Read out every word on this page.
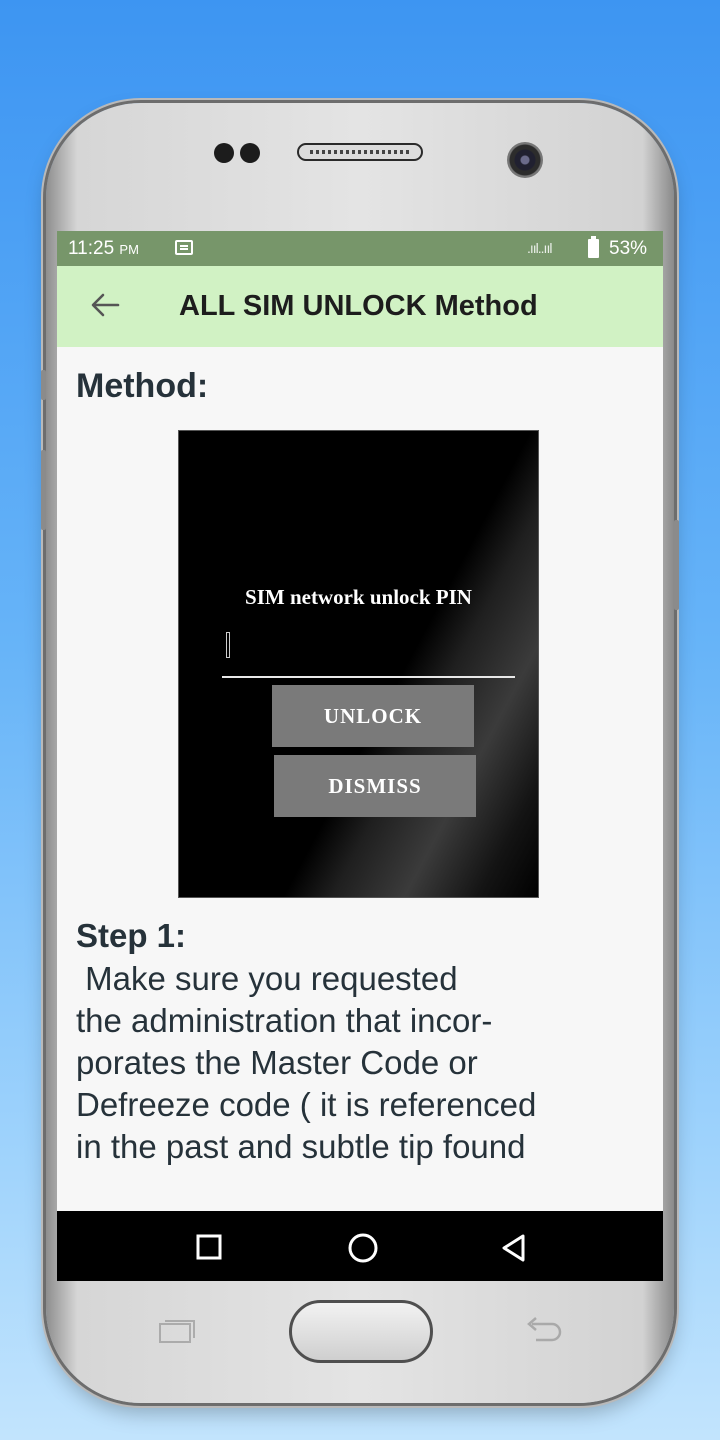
11:25 PM	.ııl..ııl	53%
ALL SIM UNLOCK Method
Method:
SIM network unlock PIN
UNLOCK
DISMISS
Step 1:
Make sure you requested
the administration that incor-
porates the Master Code or
Defreeze code ( it is referenced
in the past and subtle tip found
